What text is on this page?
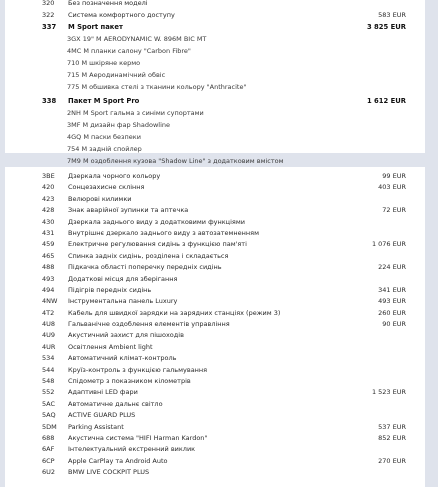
320	Без позначення моделі
322	Система комфортного доступу	583 EUR
337	M Sport пакет	3 825 EUR
3GX 19" M AERODYNAMIC W. 896M BIC MT
4MC M планки салону "Carbon Fibre"
710 M шкіряне кермо
715 M Аеродинамічний обвіс
775 M обшивка стелі з тканини кольору "Anthracite"
338	Пакет M Sport Pro	1 612 EUR
2NH M Sport гальма з синіми супортами
3MF M дизайн фар Shadowline
4GQ M паски безпеки
754 M задній спойлер
7M9 M оздоблення кузова "Shadow Line" з додатковим вмістом
3BE	Дзеркала чорного кольору	99 EUR
420	Сонцезахисне скління	403 EUR
423	Велюрові килимки
428	Знак аварійної зупинки та аптечка	72 EUR
430	Дзеркала заднього виду з додатковими функціями
431	Внутрішнє дзеркало заднього виду з автозатемненням
459	Електричне регулювання сидінь з функцією пам'яті	1 076 EUR
465	Спинка задніх сидінь, розділена і складається
488	Підкачка області поперечку передніх сидінь	224 EUR
493	Додаткові місця для зберігання
494	Підігрів передніх сидінь	341 EUR
4NW	Інструментальна панель Luxury	493 EUR
4T2	Кабель для швидкої зарядки на зарядних станціях (режим 3)	260 EUR
4U8	Гальванічне оздоблення елементів управління	90 EUR
4U9	Акустичний захист для пішоходів
4UR	Освітлення Ambient light
534	Автоматичний клімат-контроль
544	Круїз-контроль з функцією гальмування
548	Спідометр з показником кілометрів
552	Адаптивні LED фари	1 523 EUR
5AC	Автоматичне дальнє світло
5AQ	ACTIVE GUARD PLUS
5DM	Parking Assistant	537 EUR
688	Акустична система "HIFI Harman Kardon"	852 EUR
6AF	Інтелектуальний екстренний виклик
6CP	Apple CarPlay та Android Auto	270 EUR
6U2	BMW LIVE COCKPIT PLUS
